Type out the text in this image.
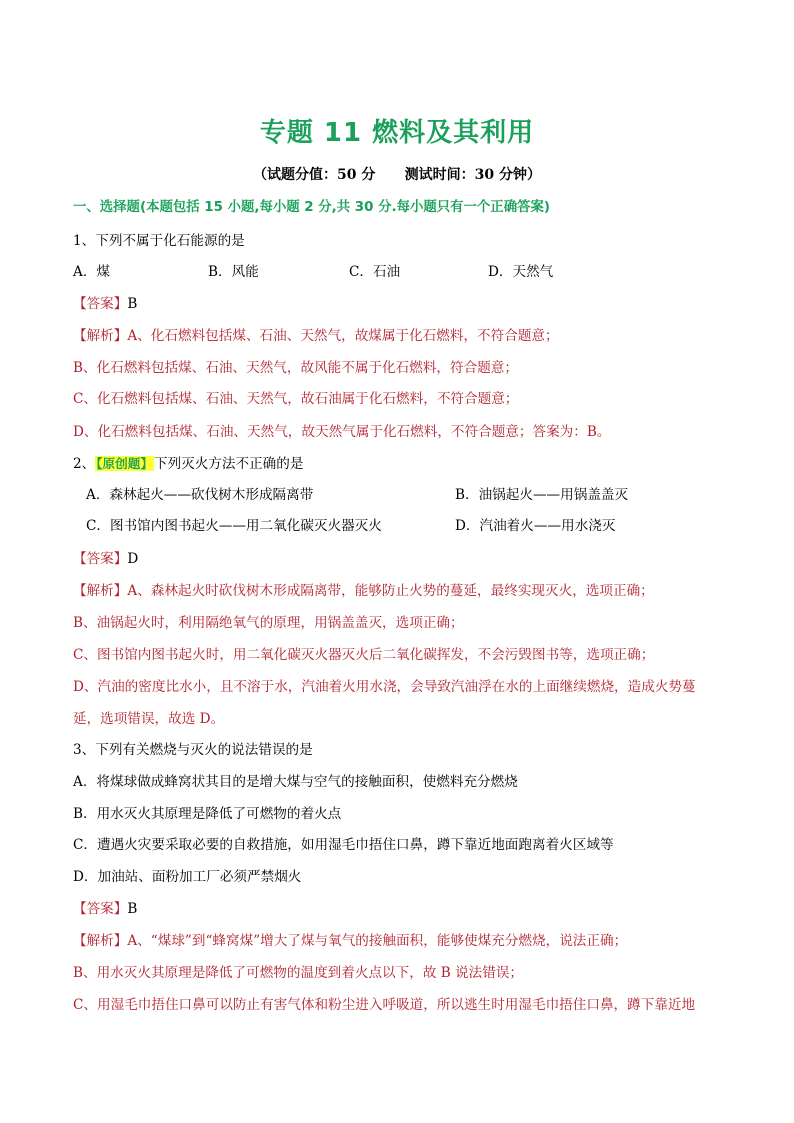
专题 11 燃料及其利用
（试题分值：50 分      测试时间：30 分钟）
一、选择题(本题包括 15 小题,每小题 2 分,共 30 分.每小题只有一个正确答案)
1、下列不属于化石能源的是
A．煤	B．风能	C．石油	D．天然气
【答案】B
【解析】A、化石燃料包括煤、石油、天然气，故煤属于化石燃料，不符合题意；
B、化石燃料包括煤、石油、天然气，故风能不属于化石燃料，符合题意；
C、化石燃料包括煤、石油、天然气，故石油属于化石燃料，不符合题意；
D、化石燃料包括煤、石油、天然气，故天然气属于化石燃料，不符合题意；答案为：B。
2、【原创题】下列灭火方法不正确的是
A．森林起火——砍伐树木形成隔离带	B．油锅起火——用锅盖盖灭
C．图书馆内图书起火——用二氧化碳灭火器灭火	D．汽油着火——用水浇灭
【答案】D
【解析】A、森林起火时砍伐树木形成隔离带，能够防止火势的蔓延，最终实现灭火，选项正确；
B、油锅起火时，利用隔绝氧气的原理，用锅盖盖灭，选项正确；
C、图书馆内图书起火时，用二氧化碳灭火器灭火后二氧化碳挥发，不会污毁图书等，选项正确；
D、汽油的密度比水小，且不溶于水，汽油着火用水浇，会导致汽油浮在水的上面继续燃烧，造成火势蔓
延，选项错误，故选 D。
3、下列有关燃烧与灭火的说法错误的是
A．将煤球做成蜂窝状其目的是增大煤与空气的接触面积，使燃料充分燃烧
B．用水灭火其原理是降低了可燃物的着火点
C．遭遇火灾要采取必要的自救措施，如用湿毛巾捂住口鼻，蹲下靠近地面跑离着火区域等
D．加油站、面粉加工厂必须严禁烟火
【答案】B
【解析】A、“煤球”到“蜂窝煤”增大了煤与氧气的接触面积，能够使煤充分燃烧，说法正确；
B、用水灭火其原理是降低了可燃物的温度到着火点以下，故 B 说法错误；
C、用湿毛巾捂住口鼻可以防止有害气体和粉尘进入呼吸道，所以逃生时用湿毛巾捂住口鼻，蹲下靠近地
